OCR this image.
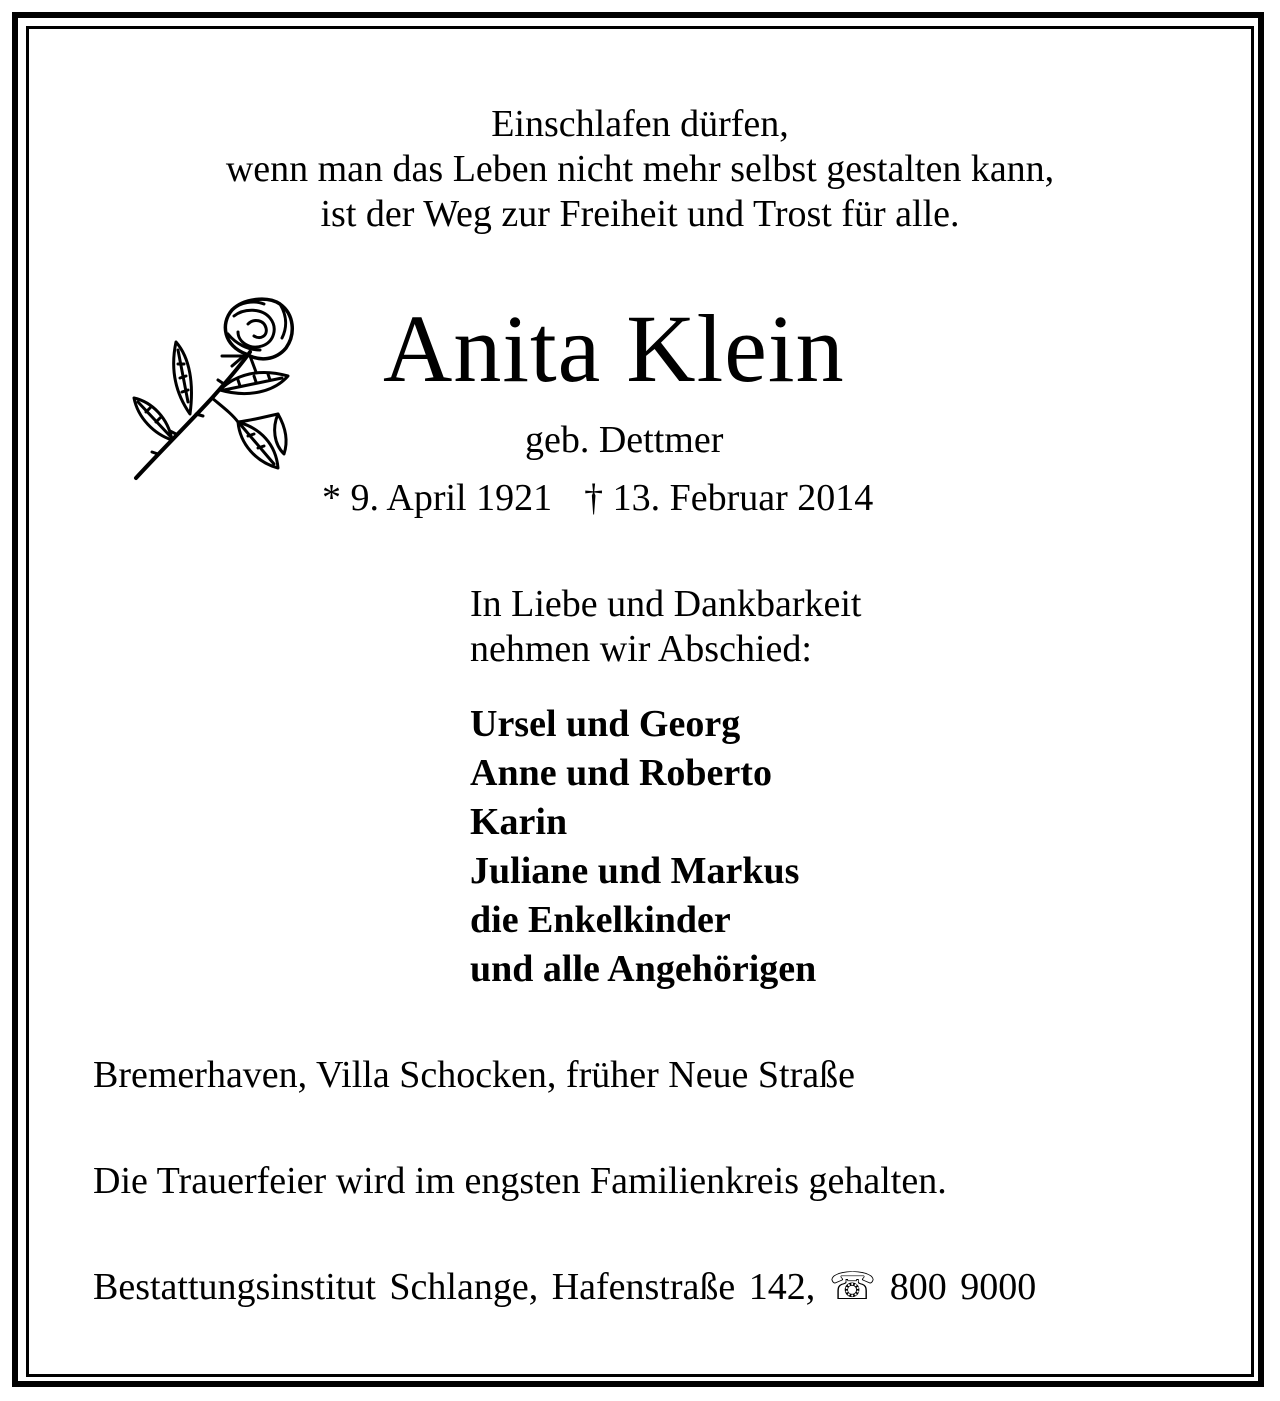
Einschlafen dürfen,
wenn man das Leben nicht mehr selbst gestalten kann,
ist der Weg zur Freiheit und Trost für alle.
Anita Klein
geb. Dettmer
* 9. April 1921 † 13. Februar 2014
In Liebe und Dankbarkeit
nehmen wir Abschied:
Ursel und Georg
Anne und Roberto
Karin
Juliane und Markus
die Enkelkinder
und alle Angehörigen
Bremerhaven, Villa Schocken, früher Neue Straße
Die Trauerfeier wird im engsten Familienkreis gehalten.
Bestattungsinstitut Schlange, Hafenstraße 142, ☏ 800 9000
